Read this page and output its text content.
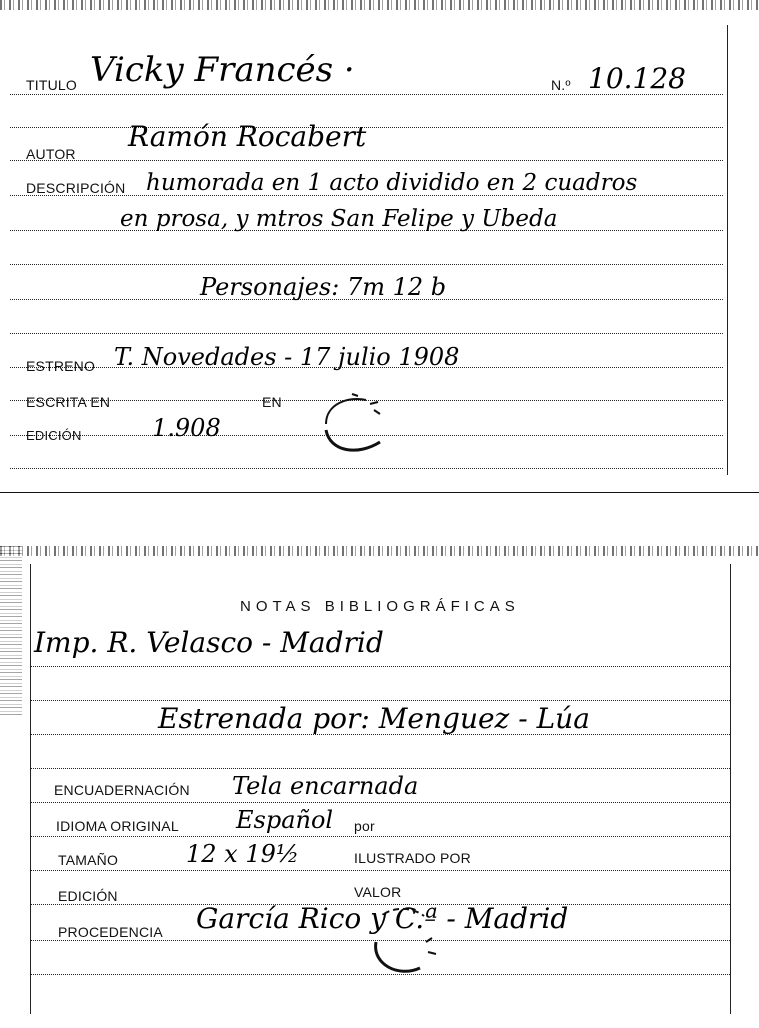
TITULO Vicky Francés ·	N.º 10.128
AUTOR
Ramón Rocabert
DESCRIPCIÓN humorada en 1 acto dividido en 2 cuadros
en prosa, y mtros San Felipe y Ubeda
Personajes: 7m 12 b
ESTRENO T. Novedades - 17 julio 1908
ESCRITA EN	EN
EDICIÓN	1.908
NOTAS BIBLIOGRÁFICAS
Imp. R. Velasco - Madrid
Estrenada por: Menguez - Lúa
ENCUADERNACIÓN Tela encarnada
IDIOMA ORIGINAL Español por
TAMAÑO	12 x 19½	ILUSTRADO POR
EDICIÓN	VALOR
PROCEDENCIA García Rico y C.ª - Madrid
